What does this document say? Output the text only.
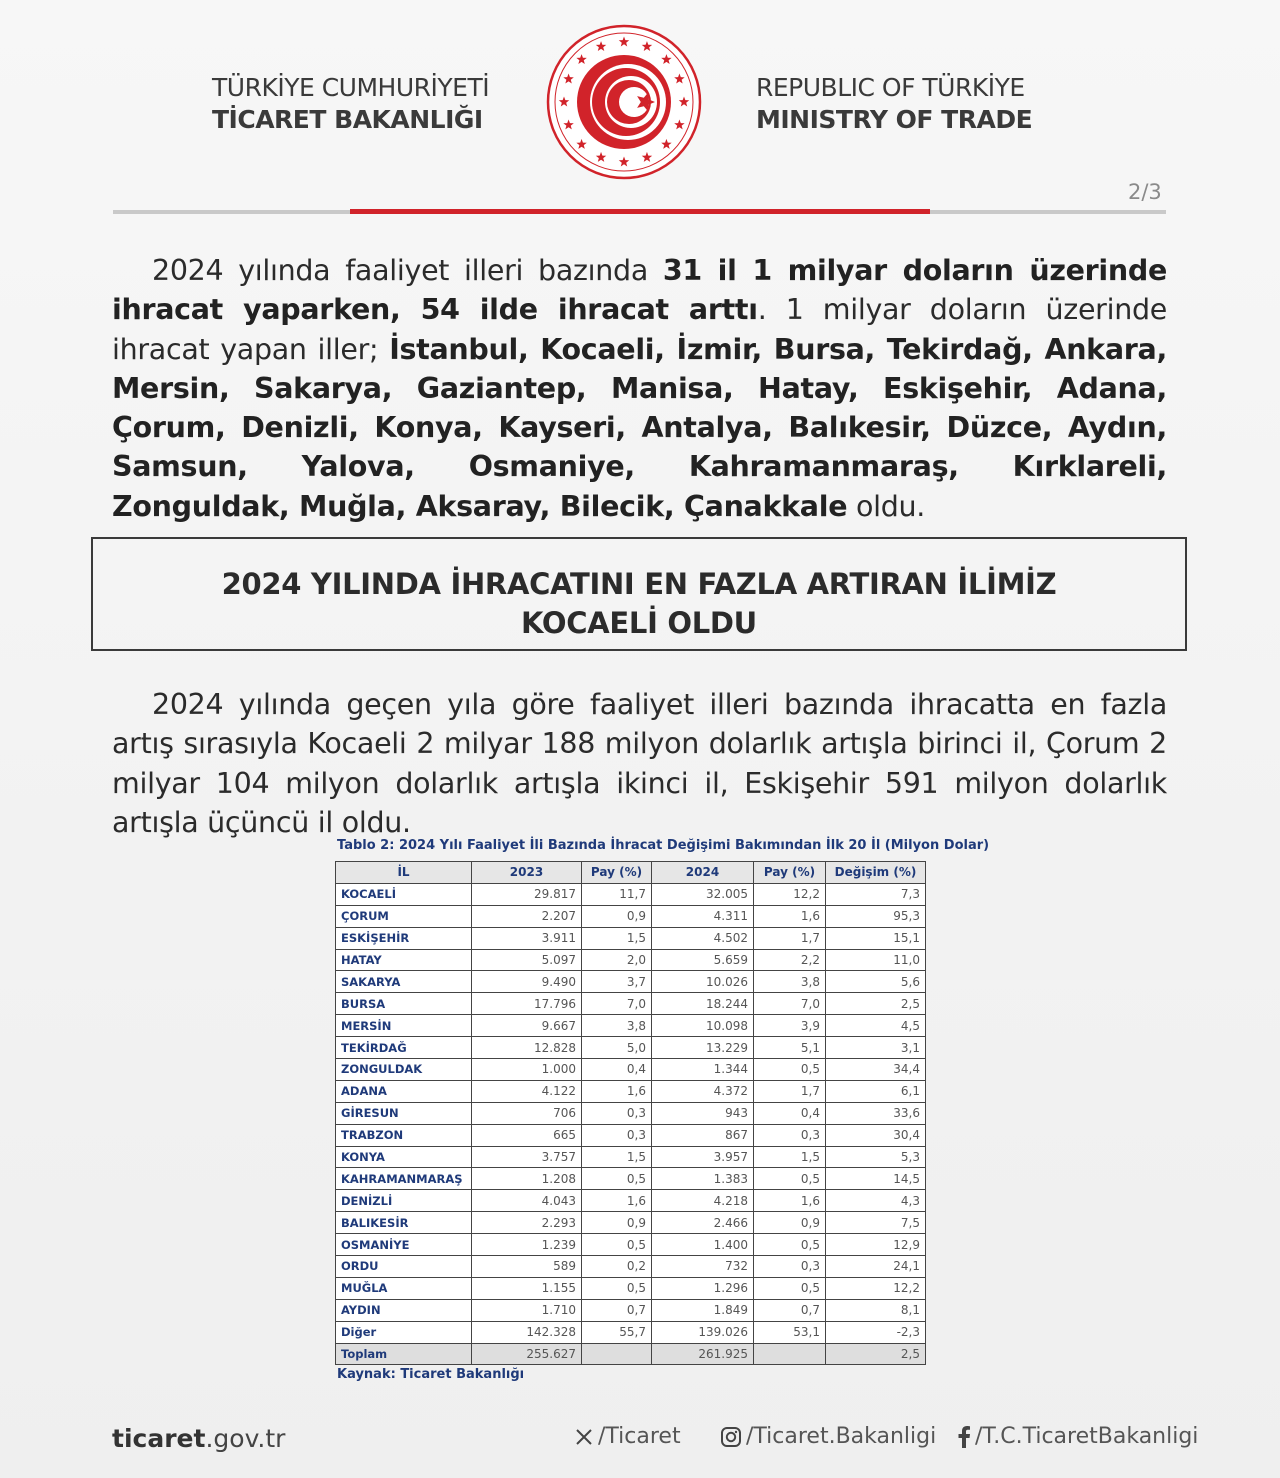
TÜRKİYE CUMHURİYETİ
TİCARET BAKANLIĞI
REPUBLIC OF TÜRKİYE
MINISTRY OF TRADE
2/3
2024 yılında faaliyet illeri bazında 31 il 1 milyar doların üzerinde ihracat yaparken, 54 ilde ihracat arttı. 1 milyar doların üzerinde ihracat yapan iller; İstanbul, Kocaeli, İzmir, Bursa, Tekirdağ, Ankara, Mersin, Sakarya, Gaziantep, Manisa, Hatay, Eskişehir, Adana, Çorum, Denizli, Konya, Kayseri, Antalya, Balıkesir, Düzce, Aydın, Samsun, Yalova, Osmaniye, Kahramanmaraş, Kırklareli, Zonguldak, Muğla, Aksaray, Bilecik, Çanakkale oldu.
2024 YILINDA İHRACATINI EN FAZLA ARTIRAN İLİMİZ
KOCAELİ OLDU
2024 yılında geçen yıla göre faaliyet illeri bazında ihracatta en fazla artış sırasıyla Kocaeli 2 milyar 188 milyon dolarlık artışla birinci il, Çorum 2 milyar 104 milyon dolarlık artışla ikinci il, Eskişehir 591 milyon dolarlık artışla üçüncü il oldu.
Tablo 2: 2024 Yılı Faaliyet İli Bazında İhracat Değişimi Bakımından İlk 20 İl (Milyon Dolar)
İL	2023	Pay (%)	2024	Pay (%)	Değişim (%)
KOCAELİ	29.817	11,7	32.005	12,2	7,3
ÇORUM	2.207	0,9	4.311	1,6	95,3
ESKİŞEHİR	3.911	1,5	4.502	1,7	15,1
HATAY	5.097	2,0	5.659	2,2	11,0
SAKARYA	9.490	3,7	10.026	3,8	5,6
BURSA	17.796	7,0	18.244	7,0	2,5
MERSİN	9.667	3,8	10.098	3,9	4,5
TEKİRDAĞ	12.828	5,0	13.229	5,1	3,1
ZONGULDAK	1.000	0,4	1.344	0,5	34,4
ADANA	4.122	1,6	4.372	1,7	6,1
GİRESUN	706	0,3	943	0,4	33,6
TRABZON	665	0,3	867	0,3	30,4
KONYA	3.757	1,5	3.957	1,5	5,3
KAHRAMANMARAŞ	1.208	0,5	1.383	0,5	14,5
DENİZLİ	4.043	1,6	4.218	1,6	4,3
BALIKESİR	2.293	0,9	2.466	0,9	7,5
OSMANİYE	1.239	0,5	1.400	0,5	12,9
ORDU	589	0,2	732	0,3	24,1
MUĞLA	1.155	0,5	1.296	0,5	12,2
AYDIN	1.710	0,7	1.849	0,7	8,1
Diğer	142.328	55,7	139.026	53,1	-2,3
Toplam	255.627		261.925		2,5
Kaynak: Ticaret Bakanlığı
ticaret.gov.tr	/Ticaret	/Ticaret.Bakanligi	/T.C.TicaretBakanligi
